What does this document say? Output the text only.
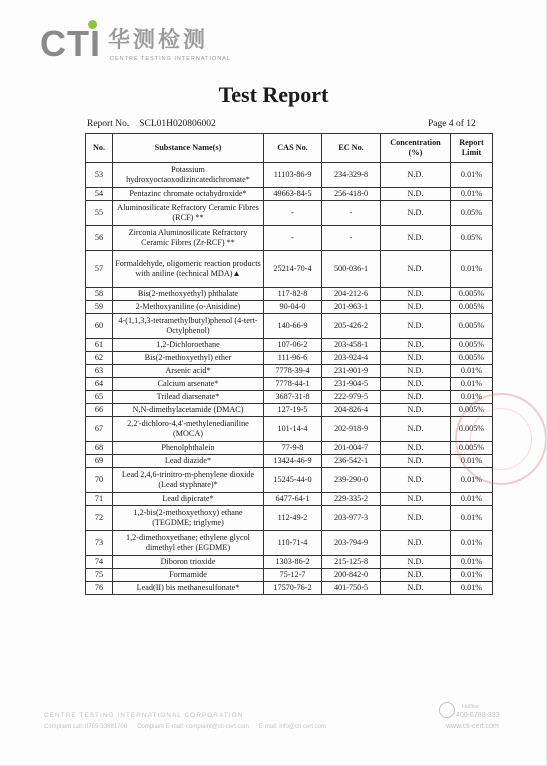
CTI 华测检测
CENTRE TESTING INTERNATIONAL
Test Report
Report No. SCL01H020806002	Page 4 of 12
No.	Substance Name(s)	CAS No.	EC No.	Concentration (%)	Report Limit
53	Potassium hydroxyoctaoxodizincatedichromate*	11103-86-9	234-329-8	N.D.	0.01%
54	Pentazinc chromate octahydroxide*	49663-84-5	256-418-0	N.D.	0.01%
55	Aluminosilicate Refractory Ceramic Fibres (RCF) **	-	-	N.D.	0.05%
56	Zirconia Aluminosilicate Refractory Ceramic Fibres (Zr-RCF) **	-	-	N.D.	0.05%
57	Formaldehyde, oligomeric reaction products with aniline (technical MDA)▲	25214-70-4	500-036-1	N.D.	0.01%
58	Bis(2-methoxyethyl) phthalate	117-82-8	204-212-6	N.D.	0.005%
59	2-Methoxyaniline (o-Anisidine)	90-04-0	201-963-1	N.D.	0.005%
60	4-(1,1,3,3-tetramethylbutyl)phenol (4-tert-Octylphenol)	140-66-9	205-426-2	N.D.	0.005%
61	1,2-Dichloroethane	107-06-2	203-458-1	N.D.	0.005%
62	Bis(2-methoxyethyl) ether	111-96-6	203-924-4	N.D.	0.005%
63	Arsenic acid*	7778-39-4	231-901-9	N.D.	0.01%
64	Calcium arsenate*	7778-44-1	231-904-5	N.D.	0.01%
65	Trilead diarsenate*	3687-31-8	222-979-5	N.D.	0.01%
66	N,N-dimethylacetamide (DMAC)	127-19-5	204-826-4	N.D.	0.005%
67	2,2'-dichloro-4,4'-methylenedianiline (MOCA)	101-14-4	202-918-9	N.D.	0.005%
68	Phenolphthalein	77-9-8	201-004-7	N.D.	0.005%
69	Lead diazide*	13424-46-9	236-542-1	N.D.	0.01%
70	Lead 2,4,6-trinitro-m-phenylene dioxide (Lead styphnate)*	15245-44-0	239-290-0	N.D.	0.01%
71	Lead dipicrate*	6477-64-1	229-335-2	N.D.	0.01%
72	1,2-bis(2-methoxyethoxy) ethane (TEGDME; triglyme)	112-49-2	203-977-3	N.D.	0.01%
73	1,2-dimethoxyethane; ethylene glycol dimethyl ether (EGDME)	110-71-4	203-794-9	N.D.	0.01%
74	Diboron trioxide	1303-86-2	215-125-8	N.D.	0.01%
75	Formamide	75-12-7	200-842-0	N.D.	0.01%
76	Lead(II) bis methanesulfonate*	17570-76-2	401-750-5	N.D.	0.01%
CENTRE TESTING INTERNATIONAL CORPORATION
Complaint call: 0755-33681700 Complaint E-mail: complaint@cti-cert.com E-mail: info@cti-cert.com
Hotline
400-6788-333
www.cti-cert.com
